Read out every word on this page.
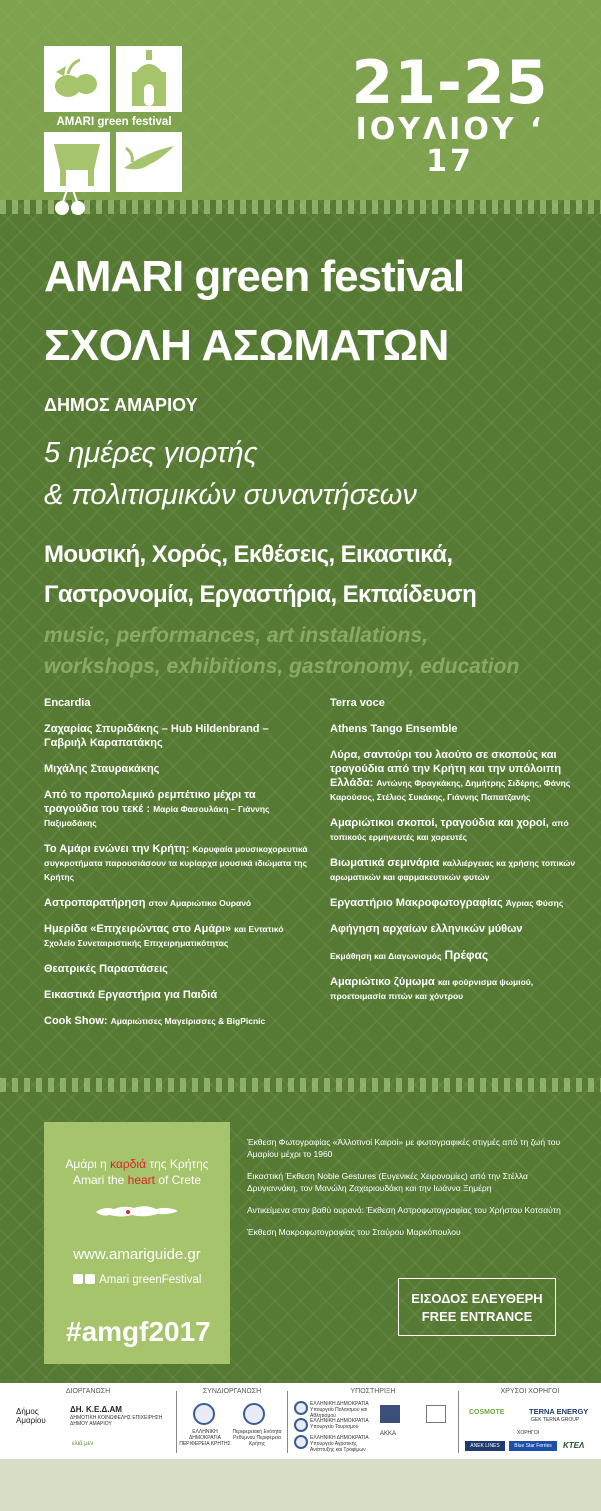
AMARI green festival
21-25
ΙΟΥΛΙΟΥ ‘ 17
AMARI green festival
ΣΧΟΛΗ ΑΣΩΜΑΤΩΝ
ΔΗΜΟΣ ΑΜΑΡΙΟΥ
5 ημέρες γιορτής
& πολιτισμικών συναντήσεων
Μουσική, Χορός, Εκθέσεις, Εικαστικά,
Γαστρονομία, Εργαστήρια, Εκπαίδευση
music, performances, art installations,
workshops, exhibitions, gastronomy, education
Encardia
Ζαχαρίας Σπυριδάκης – Hub Hildenbrand – Γαβριήλ Καραπατάκης
Μιχάλης Σταυρακάκης
Από το προπολεμικό ρεμπέτικο μέχρι τα τραγούδια του τεκέ : Μαρία Φασουλάκη – Γιάννης Παξιμαδάκης
Το Αμάρι ενώνει την Κρήτη: Κορυφαία μουσικοχορευτικά συγκροτήματα παρουσιάσουν τα κυρίαρχα μουσικά ιδιώματα της Κρήτης
Αστροπαρατήρηση στον Αμαριώτικο Ουρανό
Ημερίδα «Επιχειρώντας στο Αμάρι» και Εντατικό Σχολείο Συνεταιριστικής Επιχειρηματικότητας
Θεατρικές Παραστάσεις
Εικαστικά Εργαστήρια για Παιδιά
Cook Show: Αμαριώτισες Μαγείρισσες & BigPicnic
Terra voce
Athens Tango Ensemble
Λύρα, σαντούρι του λαούτο σε σκοπούς και τραγούδια από την Κρήτη και την υπόλοιπη Ελλάδα: Αντώνης Φραγκάκης, Δημήτρης Σιδέρης, Φάνης Καρούσος, Στέλιος Συκάκης, Γιάννης Παπατζανής
Αμαριώτικοι σκοποί, τραγούδια και χοροί, από τοπικούς ερμηνευτές και χορευτές
Βιωματικά σεμινάρια καλλιέργειας κα χρήσης τοπικών αρωματικών και φαρμακευτικών φυτών
Εργαστήριο Μακροφωτογραφίας Άγριας Φύσης
Αφήγηση αρχαίων ελληνικών μύθων
Εκμάθηση και Διαγωνισμός Πρέφας
Αμαριώτικο ζύμωμα και φούρνισμα ψωμιού, προετοιμασία πιτών και χόντρου
Αμάρι η καρδιά της Κρήτης
Amari the heart of Crete
www.amariguide.gr
Amari greenFestival
#amgf2017
Έκθεση Φωτογραφίας «Άλλοτινοί Καιροί» με φωτογραφικές στιγμές από τη ζωή του Αμαρίου μέχρι το 1960
Εικαστική Έκθεση Noble Gestures (Ευγενικές Χειρονομίες) από την Στέλλα Δρυγιαννάκη, τον Μανώλη Ζαχαριουδάκη και την Ιωάννα Ξημέρη
Αντικείμενα στον βαθύ ουρανό: Έκθεση Αστροφωτογραφίας του Χρήστου Κοτσαύτη
Έκθεση Μακροφωτογραφίας του Σταύρου Μαρκόπουλου
ΕΙΣΟΔΟΣ ΕΛΕΥΘΕΡΗ
FREE ENTRANCE
ΔΙΟΡΓΑΝΩΣΗ
Δήμος
Αμαρίου
ΔΗ. Κ.Ε.Δ.ΑΜ
ΔΗΜΟΤΙΚΗ ΚΟΙΝΩΦΕΛΗΣ ΕΠΙΧΕΙΡΗΣΗ ΔΗΜΟΥ ΑΜΑΡΙΟΥ
ελιά μεν
ΣΥΝΔΙΟΡΓΑΝΩΣΗ
ΕΛΛΗΝΙΚΗ ΔΗΜΟΚΡΑΤΙΑ ΠΕΡΙΦΕΡΕΙΑ ΚΡΗΤΗΣ
Περιφερειακή Ενότητα Ρεθύμνου Περιφέρεια Κρήτης
ΥΠΟΣΤΗΡΙΞΗ
ΕΛΛΗΝΙΚΗ ΔΗΜΟΚΡΑΤΙΑ Υπουργείο Πολιτισμού και Αθλητισμού
ΕΛΛΗΝΙΚΗ ΔΗΜΟΚΡΑΤΙΑ Υπουργείο Τουρισμού
ΕΛΛΗΝΙΚΗ ΔΗΜΟΚΡΑΤΙΑ Υπουργείο Αγροτικής Ανάπτυξης και Τροφίμων
ΑΚΚΑ
ΧΡΥΣΟΙ ΧΟΡΗΓΟΙ
COSMOTE	TERNA ENERGY
GEK TERNA GROUP
ΧΟΡΗΓΟΙ
ANEK LINES	Blue Star Ferries	ΚΤΕΛ
